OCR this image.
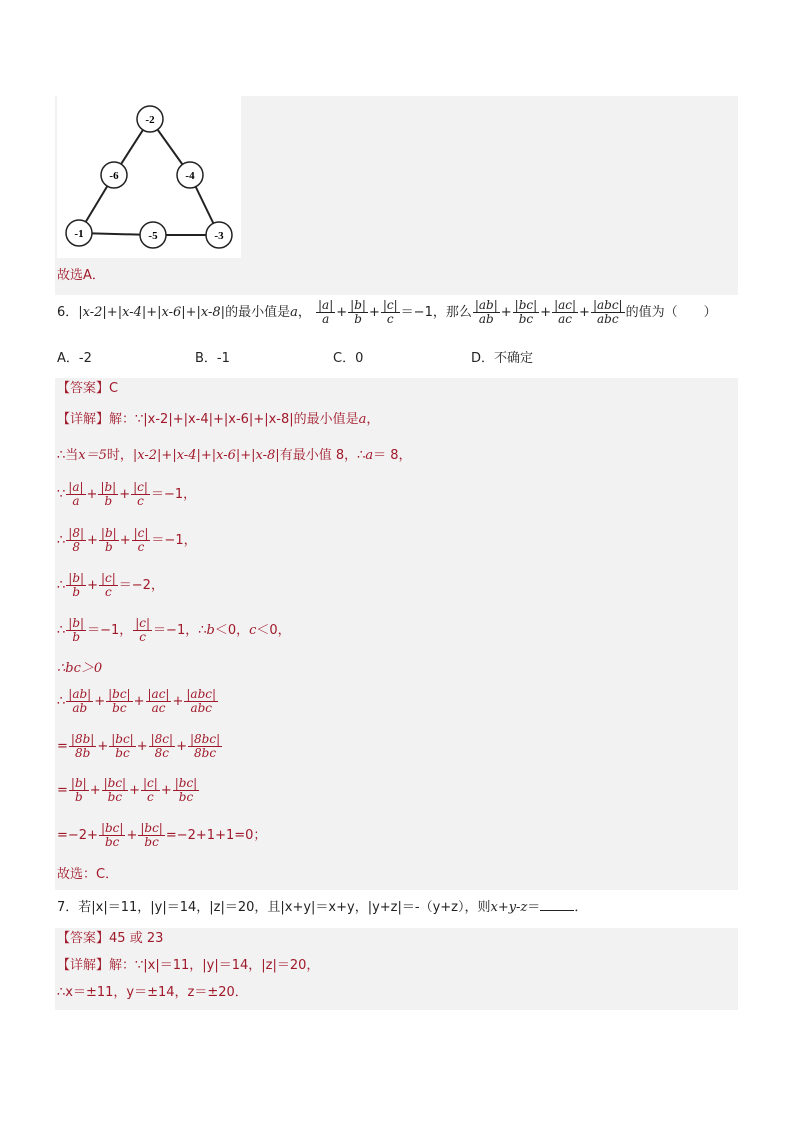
-2
-6	-4
-1	-5	-3
故选A．
6．|x-2|+|x-4|+|x-6|+|x-8|的最小值是a， $\frac{|a|}{a} + \frac{|b|}{b} + \frac{|c|}{c} =-1$，那么 $\frac{|ab|}{ab} + \frac{|bc|}{bc} + \frac{|ac|}{ac} + \frac{\text{|abc|}}{\text{abc}}$ 的值为（　　）
A．-2	B．-1	C．0	D．不确定
【答案】C
【详解】解：∵|x-2|+|x-4|+|x-6|+|x-8|的最小值是a，
∴当x＝5时，|x-2|+|x-4|+|x-6|+|x-8|有最小值 8，∴a＝ 8，
∵ $\frac{|a|}{a} + \frac{|b|}{b} + \frac{|c|}{c} =-1$，
∴ $\frac{|8|}{8} + \frac{|b|}{b} + \frac{|c|}{c} =-1$，
∴ $\frac{|b|}{b} + \frac{|c|}{c} =-2$，
∴ $\frac{|b|}{b} =-1$， $\frac{|c|}{c} =-1$，∴b＜0，c＜0，
∴bc＞0
∴ $\frac{|ab|}{ab} + \frac{|bc|}{bc} + \frac{|ac|}{ac} + \frac{\text{|abc|}}{\text{abc}}$
= $\frac{|8b|}{8b} + \frac{|bc|}{bc} + \frac{|8c|}{8c} + \frac{|8bc|}{8bc}$
= $\frac{|b|}{b} + \frac{|bc|}{bc} + \frac{|c|}{c} + \frac{|bc|}{bc}$
$=-2+ \frac{|bc|}{bc} + \frac{|bc|}{bc} =-2+1+1=0$；
故选：C．
7．若|x|＝11，|y|＝14，|z|＝20，且|x+y|＝x+y，|y+z|＝-（y+z），则x+y-z＝	．
【答案】45 或 23
【详解】解：∵|x|＝11，|y|＝14，|z|＝20，
∴x＝±11，y＝±14，z＝±20．
